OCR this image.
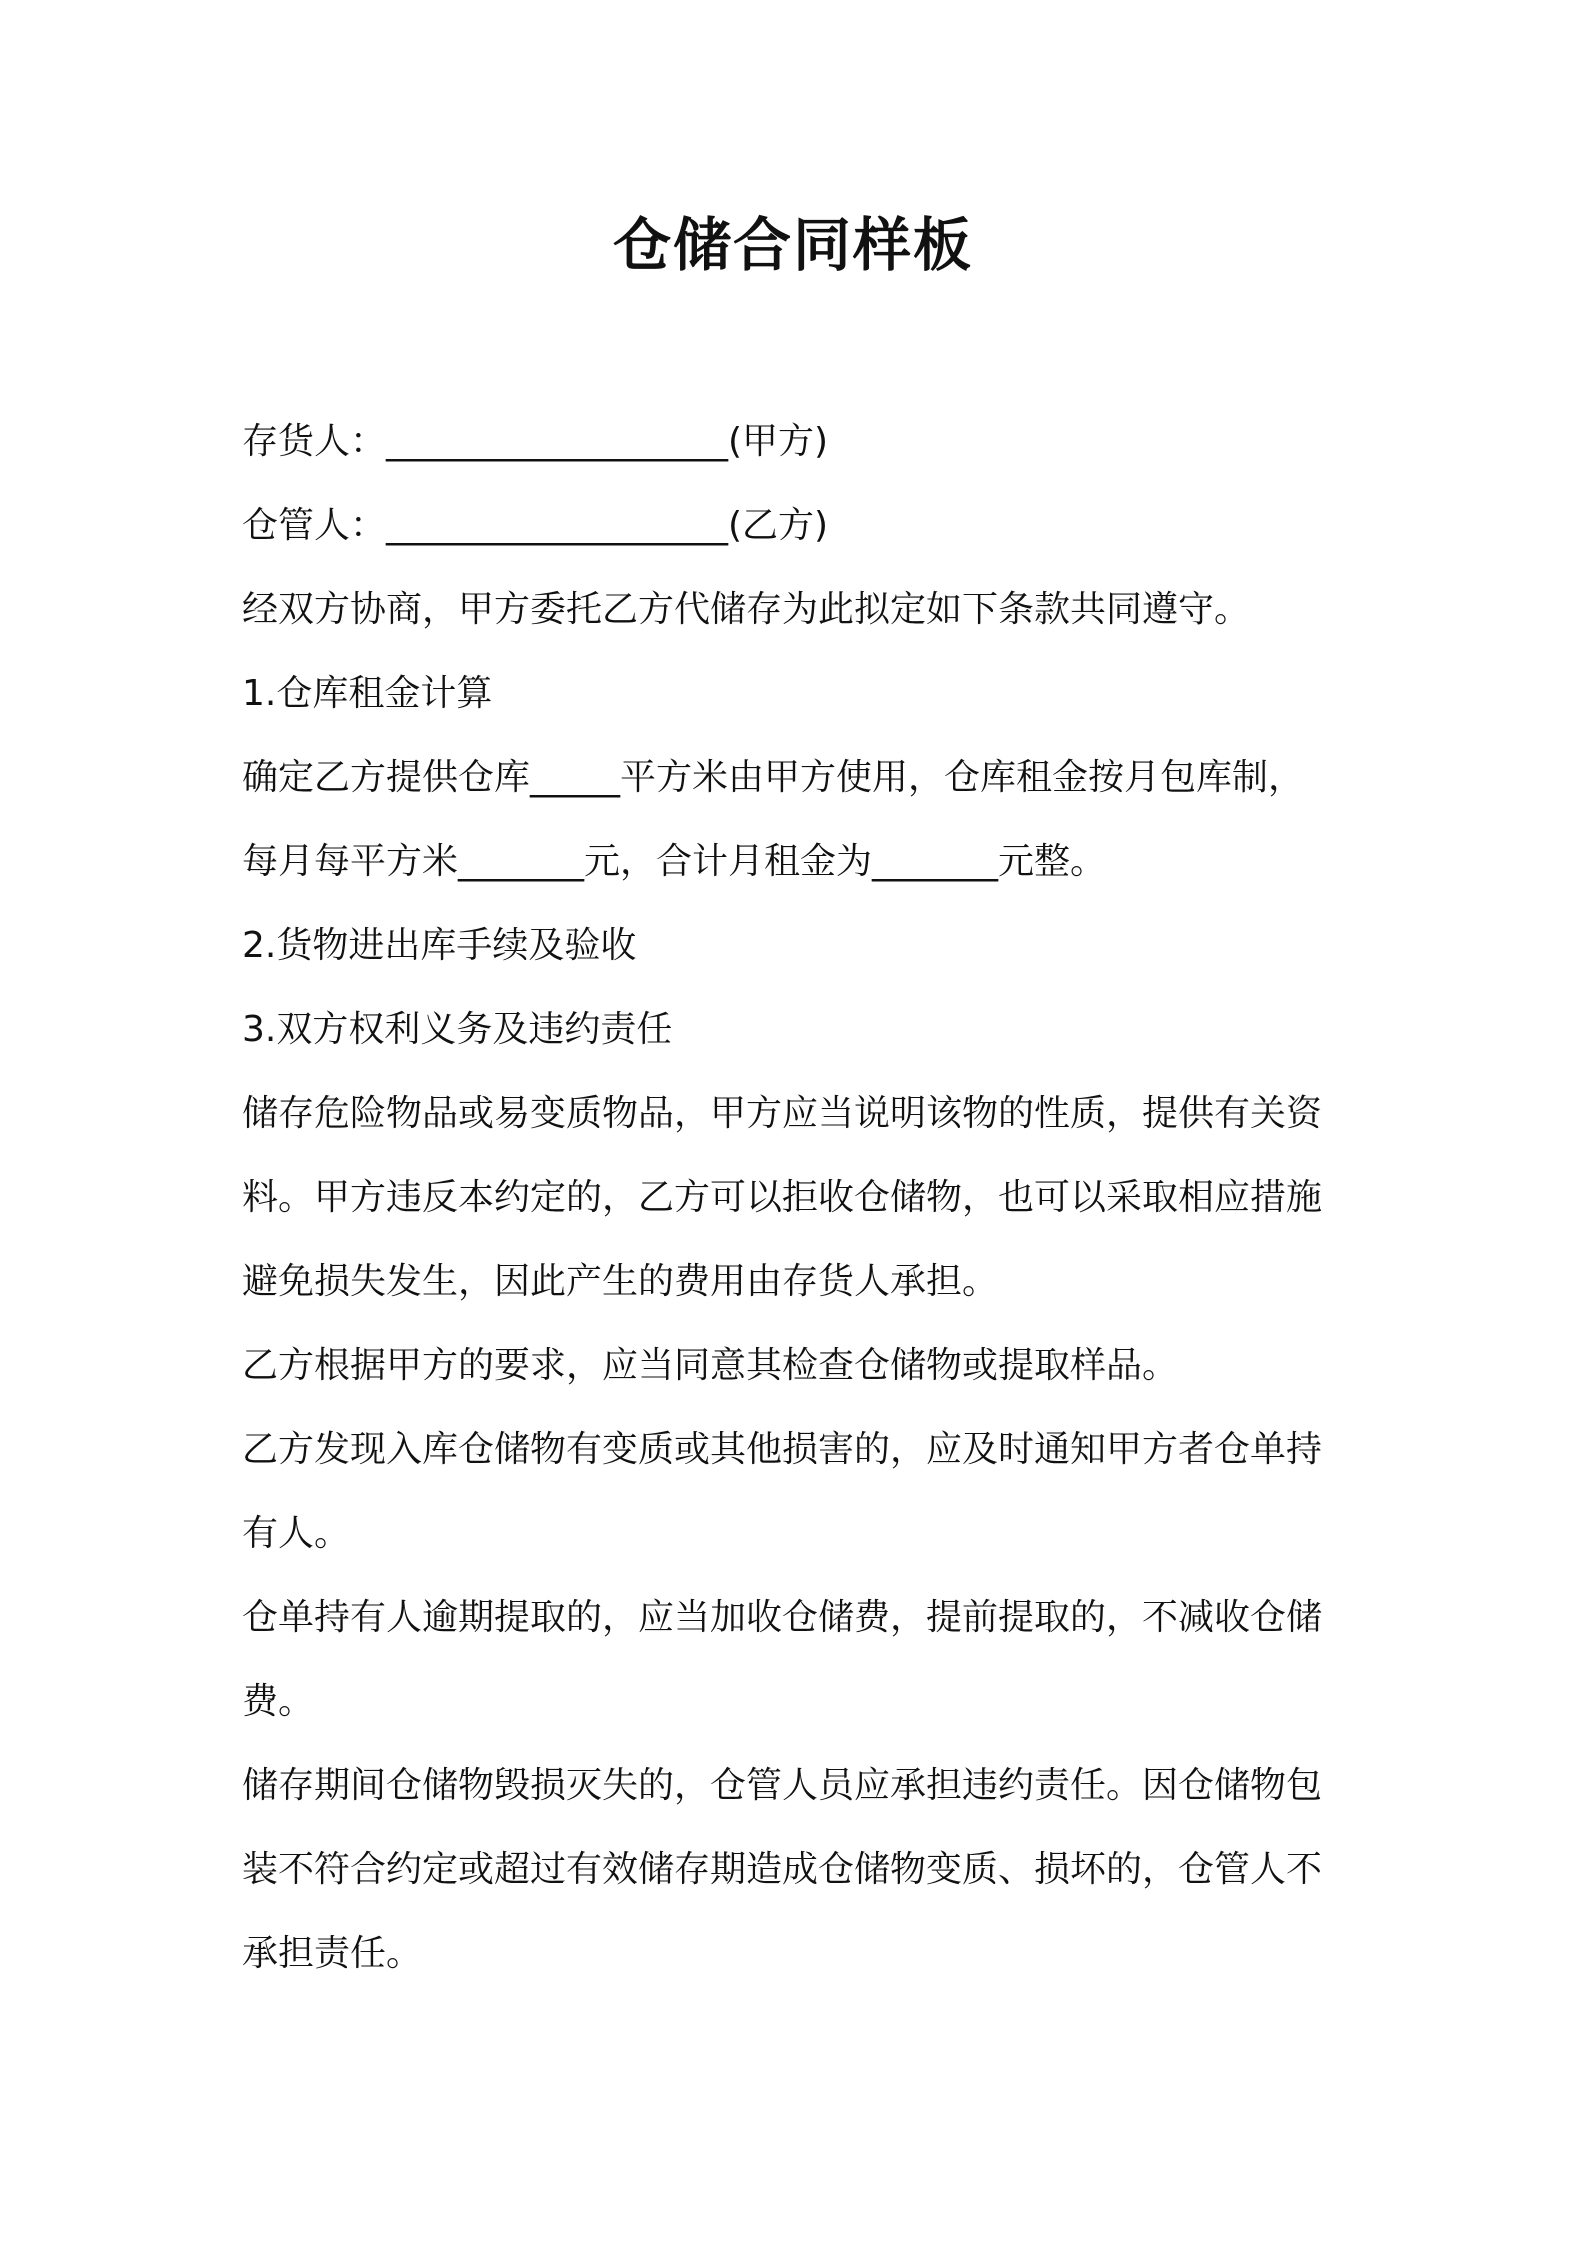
仓储合同样板
存货人：___________________(甲方)
仓管人：___________________(乙方)
经双方协商，甲方委托乙方代储存为此拟定如下条款共同遵守。
1.仓库租金计算
确定乙方提供仓库_____平方米由甲方使用，仓库租金按月包库制，
每月每平方米_______元，合计月租金为_______元整。
2.货物进出库手续及验收
3.双方权利义务及违约责任
储存危险物品或易变质物品，甲方应当说明该物的性质，提供有关资
料。甲方违反本约定的，乙方可以拒收仓储物，也可以采取相应措施
避免损失发生，因此产生的费用由存货人承担。
乙方根据甲方的要求，应当同意其检查仓储物或提取样品。
乙方发现入库仓储物有变质或其他损害的，应及时通知甲方者仓单持
有人。
仓单持有人逾期提取的，应当加收仓储费，提前提取的，不减收仓储
费。
储存期间仓储物毁损灭失的，仓管人员应承担违约责任。因仓储物包
装不符合约定或超过有效储存期造成仓储物变质、损坏的，仓管人不
承担责任。
